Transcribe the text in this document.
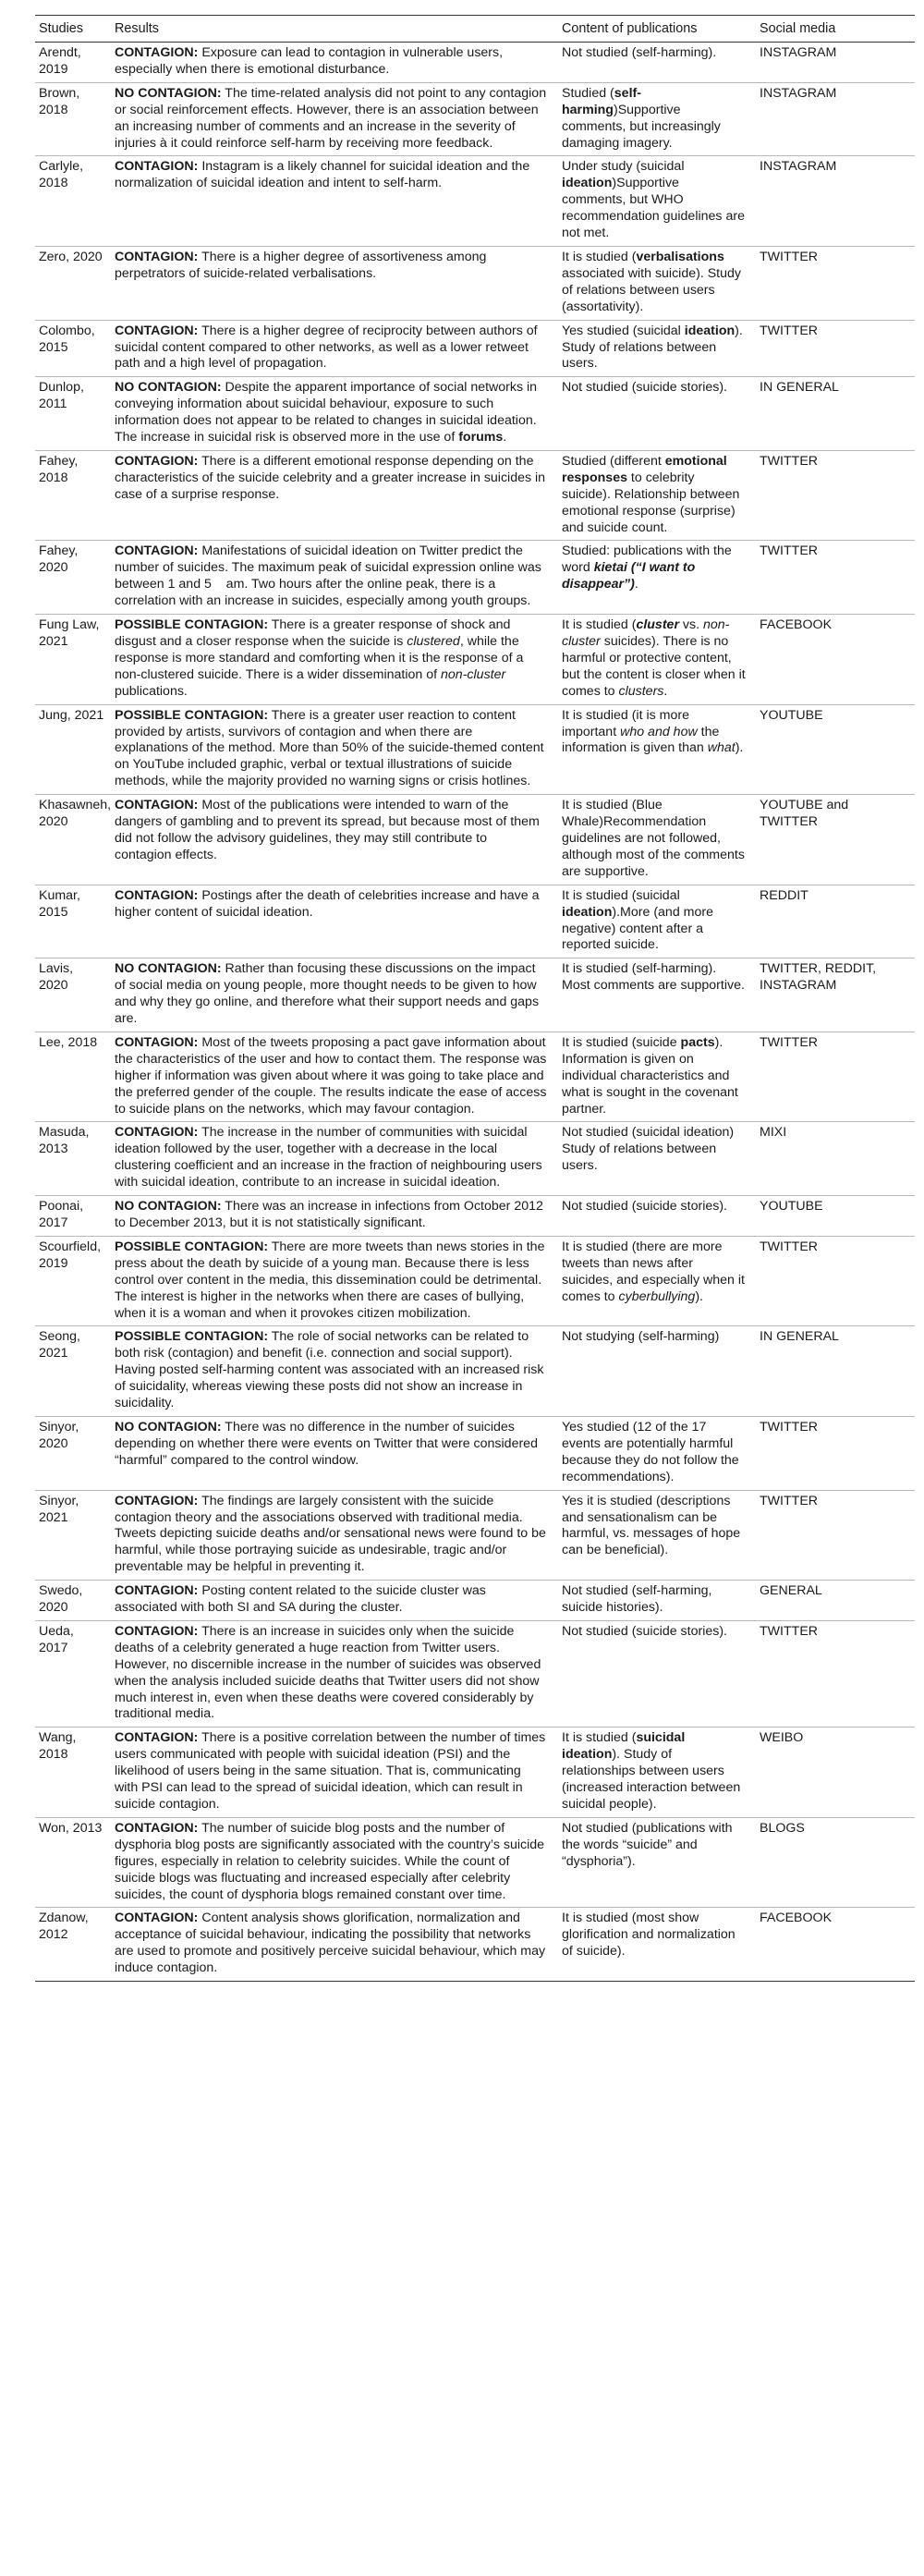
Studies	Results	Content of publications	Social media
Arendt, 2019	CONTAGION: Exposure can lead to contagion in vulnerable users, especially when there is emotional disturbance.	Not studied (self-harming).	INSTAGRAM
Brown, 2018	NO CONTAGION: The time-related analysis did not point to any contagion or social reinforcement effects. However, there is an association between an increasing number of comments and an increase in the severity of injuries à it could reinforce self-harm by receiving more feedback.	Studied (self-harming)Supportive comments, but increasingly damaging imagery.	INSTAGRAM
Carlyle, 2018	CONTAGION: Instagram is a likely channel for suicidal ideation and the normalization of suicidal ideation and intent to self-harm.	Under study (suicidal ideation)Supportive comments, but WHO recommendation guidelines are not met.	INSTAGRAM
Zero, 2020	CONTAGION: There is a higher degree of assortiveness among perpetrators of suicide-related verbalisations.	It is studied (verbalisations associated with suicide). Study of relations between users (assortativity).	TWITTER
Colombo, 2015	CONTAGION: There is a higher degree of reciprocity between authors of suicidal content compared to other networks, as well as a lower retweet path and a high level of propagation.	Yes studied (suicidal ideation). Study of relations between users.	TWITTER
Dunlop, 2011	NO CONTAGION: Despite the apparent importance of social networks in conveying information about suicidal behaviour, exposure to such information does not appear to be related to changes in suicidal ideation. The increase in suicidal risk is observed more in the use of forums.	Not studied (suicide stories).	IN GENERAL
Fahey, 2018	CONTAGION: There is a different emotional response depending on the characteristics of the suicide celebrity and a greater increase in suicides in case of a surprise response.	Studied (different emotional responses to celebrity suicide). Relationship between emotional response (surprise) and suicide count.	TWITTER
Fahey, 2020	CONTAGION: Manifestations of suicidal ideation on Twitter predict the number of suicides. The maximum peak of suicidal expression online was between 1 and 5    am. Two hours after the online peak, there is a correlation with an increase in suicides, especially among youth groups.	Studied: publications with the word kietai (“I want to disappear”).	TWITTER
Fung Law, 2021	POSSIBLE CONTAGION: There is a greater response of shock and disgust and a closer response when the suicide is clustered, while the response is more standard and comforting when it is the response of a non-clustered suicide. There is a wider dissemination of non-cluster publications.	It is studied (cluster vs. non-cluster suicides). There is no harmful or protective content, but the content is closer when it comes to clusters.	FACEBOOK
Jung, 2021	POSSIBLE CONTAGION: There is a greater user reaction to content provided by artists, survivors of contagion and when there are explanations of the method. More than 50% of the suicide-themed content on YouTube included graphic, verbal or textual illustrations of suicide methods, while the majority provided no warning signs or crisis hotlines.	It is studied (it is more important who and how the information is given than what).	YOUTUBE
Khasawneh, 2020	CONTAGION: Most of the publications were intended to warn of the dangers of gambling and to prevent its spread, but because most of them did not follow the advisory guidelines, they may still contribute to contagion effects.	It is studied (Blue Whale)Recommendation guidelines are not followed, although most of the comments are supportive.	YOUTUBE and TWITTER
Kumar, 2015	CONTAGION: Postings after the death of celebrities increase and have a higher content of suicidal ideation.	It is studied (suicidal ideation).More (and more negative) content after a reported suicide.	REDDIT
Lavis, 2020	NO CONTAGION: Rather than focusing these discussions on the impact of social media on young people, more thought needs to be given to how and why they go online, and therefore what their support needs and gaps are.	It is studied (self-harming). Most comments are supportive.	TWITTER, REDDIT, INSTAGRAM
Lee, 2018	CONTAGION: Most of the tweets proposing a pact gave information about the characteristics of the user and how to contact them. The response was higher if information was given about where it was going to take place and the preferred gender of the couple. The results indicate the ease of access to suicide plans on the networks, which may favour contagion.	It is studied (suicide pacts). Information is given on individual characteristics and what is sought in the covenant partner.	TWITTER
Masuda, 2013	CONTAGION: The increase in the number of communities with suicidal ideation followed by the user, together with a decrease in the local clustering coefficient and an increase in the fraction of neighbouring users with suicidal ideation, contribute to an increase in suicidal ideation.	Not studied (suicidal ideation) Study of relations between users.	MIXI
Poonai, 2017	NO CONTAGION: There was an increase in infections from October 2012 to December 2013, but it is not statistically significant.	Not studied (suicide stories).	YOUTUBE
Scourfield, 2019	POSSIBLE CONTAGION: There are more tweets than news stories in the press about the death by suicide of a young man. Because there is less control over content in the media, this dissemination could be detrimental. The interest is higher in the networks when there are cases of bullying, when it is a woman and when it provokes citizen mobilization.	It is studied (there are more tweets than news after suicides, and especially when it comes to cyberbullying).	TWITTER
Seong, 2021	POSSIBLE CONTAGION: The role of social networks can be related to both risk (contagion) and benefit (i.e. connection and social support). Having posted self-harming content was associated with an increased risk of suicidality, whereas viewing these posts did not show an increase in suicidality.	Not studying (self-harming)	IN GENERAL
Sinyor, 2020	NO CONTAGION: There was no difference in the number of suicides depending on whether there were events on Twitter that were considered “harmful” compared to the control window.	Yes studied (12 of the 17 events are potentially harmful because they do not follow the recommendations).	TWITTER
Sinyor, 2021	CONTAGION: The findings are largely consistent with the suicide contagion theory and the associations observed with traditional media. Tweets depicting suicide deaths and/or sensational news were found to be harmful, while those portraying suicide as undesirable, tragic and/or preventable may be helpful in preventing it.	Yes it is studied (descriptions and sensationalism can be harmful, vs. messages of hope can be beneficial).	TWITTER
Swedo, 2020	CONTAGION: Posting content related to the suicide cluster was associated with both SI and SA during the cluster.	Not studied (self-harming, suicide histories).	GENERAL
Ueda, 2017	CONTAGION: There is an increase in suicides only when the suicide deaths of a celebrity generated a huge reaction from Twitter users. However, no discernible increase in the number of suicides was observed when the analysis included suicide deaths that Twitter users did not show much interest in, even when these deaths were covered considerably by traditional media.	Not studied (suicide stories).	TWITTER
Wang, 2018	CONTAGION: There is a positive correlation between the number of times users communicated with people with suicidal ideation (PSI) and the likelihood of users being in the same situation. That is, communicating with PSI can lead to the spread of suicidal ideation, which can result in suicide contagion.	It is studied (suicidal ideation). Study of relationships between users (increased interaction between suicidal people).	WEIBO
Won, 2013	CONTAGION: The number of suicide blog posts and the number of dysphoria blog posts are significantly associated with the country’s suicide figures, especially in relation to celebrity suicides. While the count of suicide blogs was fluctuating and increased especially after celebrity suicides, the count of dysphoria blogs remained constant over time.	Not studied (publications with the words “suicide” and “dysphoria”).	BLOGS
Zdanow, 2012	CONTAGION: Content analysis shows glorification, normalization and acceptance of suicidal behaviour, indicating the possibility that networks are used to promote and positively perceive suicidal behaviour, which may induce contagion.	It is studied (most show glorification and normalization of suicide).	FACEBOOK
